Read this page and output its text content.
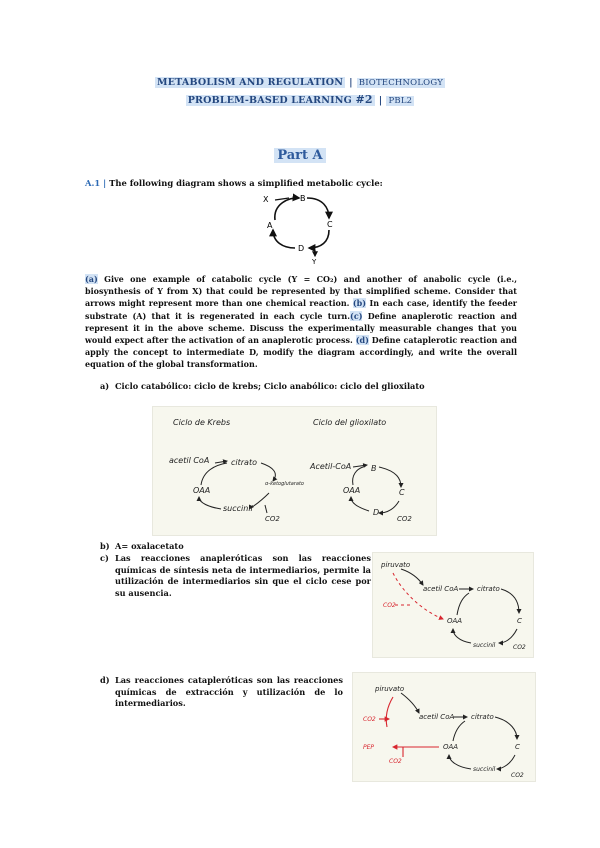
METABOLISM AND REGULATION | BIOTECHNOLOGY
PROBLEM-BASED LEARNING #2 | PBL2
Part A
A.1 | The following diagram shows a simplified metabolic cycle:
X	B
A	C
D
Y
(a) Give one example of catabolic cycle (Y = CO₂) and another of anabolic cycle (i.e., biosynthesis of Y from X) that could be represented by that simplified scheme. Consider that arrows might represent more than one chemical reaction. (b) In each case, identify the feeder substrate (A) that it is regenerated in each cycle turn.(c) Define anaplerotic reaction and represent it in the above scheme. Discuss the experimentally measurable changes that you would expect after the activation of an anaplerotic process. (d) Define cataplerotic reaction and apply the concept to intermediate D, modify the diagram accordingly, and write the overall equation of the global transformation.
a) Ciclo catabólico: ciclo de krebs; Ciclo anabólico: ciclo del glioxilato
Ciclo de Krebs	Ciclo del glioxilato
acetil CoA	citrato
OAA
α-ketoglutarato
succinil
CO2
Acetil-CoA B
OAA	C
D
CO2
b) A= oxalacetato
c) Las reacciones anapleróticas son las reacciones químicas de síntesis neta de intermediarios, permite la utilización de intermediarios sin que el ciclo cese por su ausencia.
piruvato
acetil CoA	citrato
CO2
OAA	C
succinil	CO2
d) Las reacciones catapleróticas son las reacciones químicas de extracción y utilización de lo intermediarios.
piruvato
CO2	acetil CoA citrato
PEP
CO2
OAA	C
succinil
CO2
